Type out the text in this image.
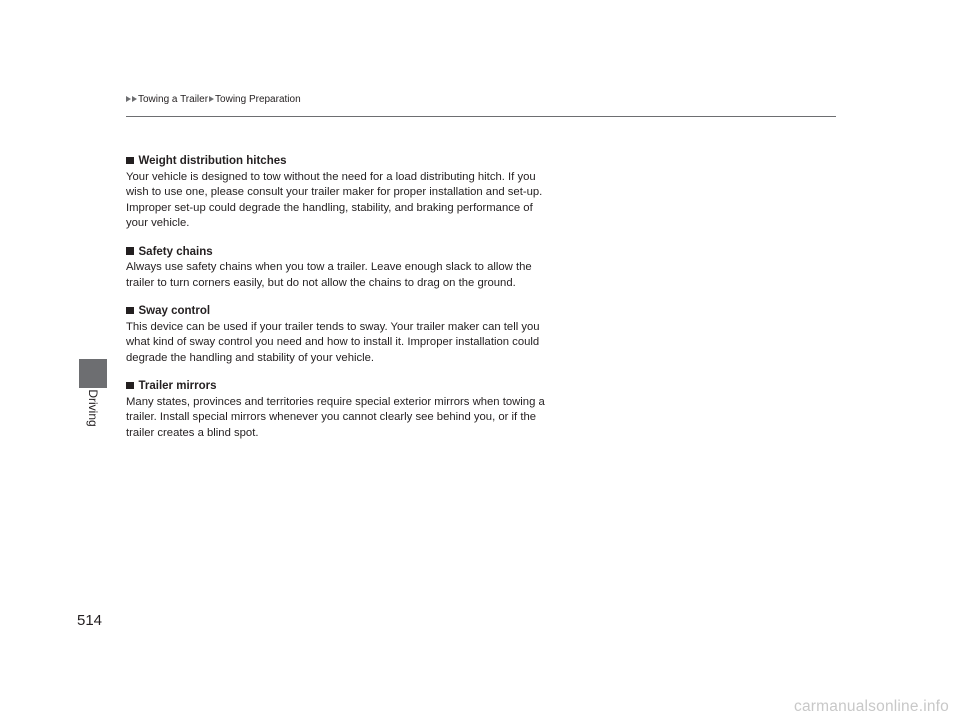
Towing a Trailer Towing Preparation
Driving
Weight distribution hitches

Your vehicle is designed to tow without the need for a load distributing hitch. If you

wish to use one, please consult your trailer maker for proper installation and set-up.

Improper set-up could degrade the handling, stability, and braking performance of

your vehicle.

Safety chains

Always use safety chains when you tow a trailer. Leave enough slack to allow the

trailer to turn corners easily, but do not allow the chains to drag on the ground.

Sway control

This device can be used if your trailer tends to sway. Your trailer maker can tell you

what kind of sway control you need and how to install it. Improper installation could

degrade the handling and stability of your vehicle.

Trailer mirrors

Many states, provinces and territories require special exterior mirrors when towing a

trailer. Install special mirrors whenever you cannot clearly see behind you, or if the

trailer creates a blind spot.

514
carmanualsonline.info
